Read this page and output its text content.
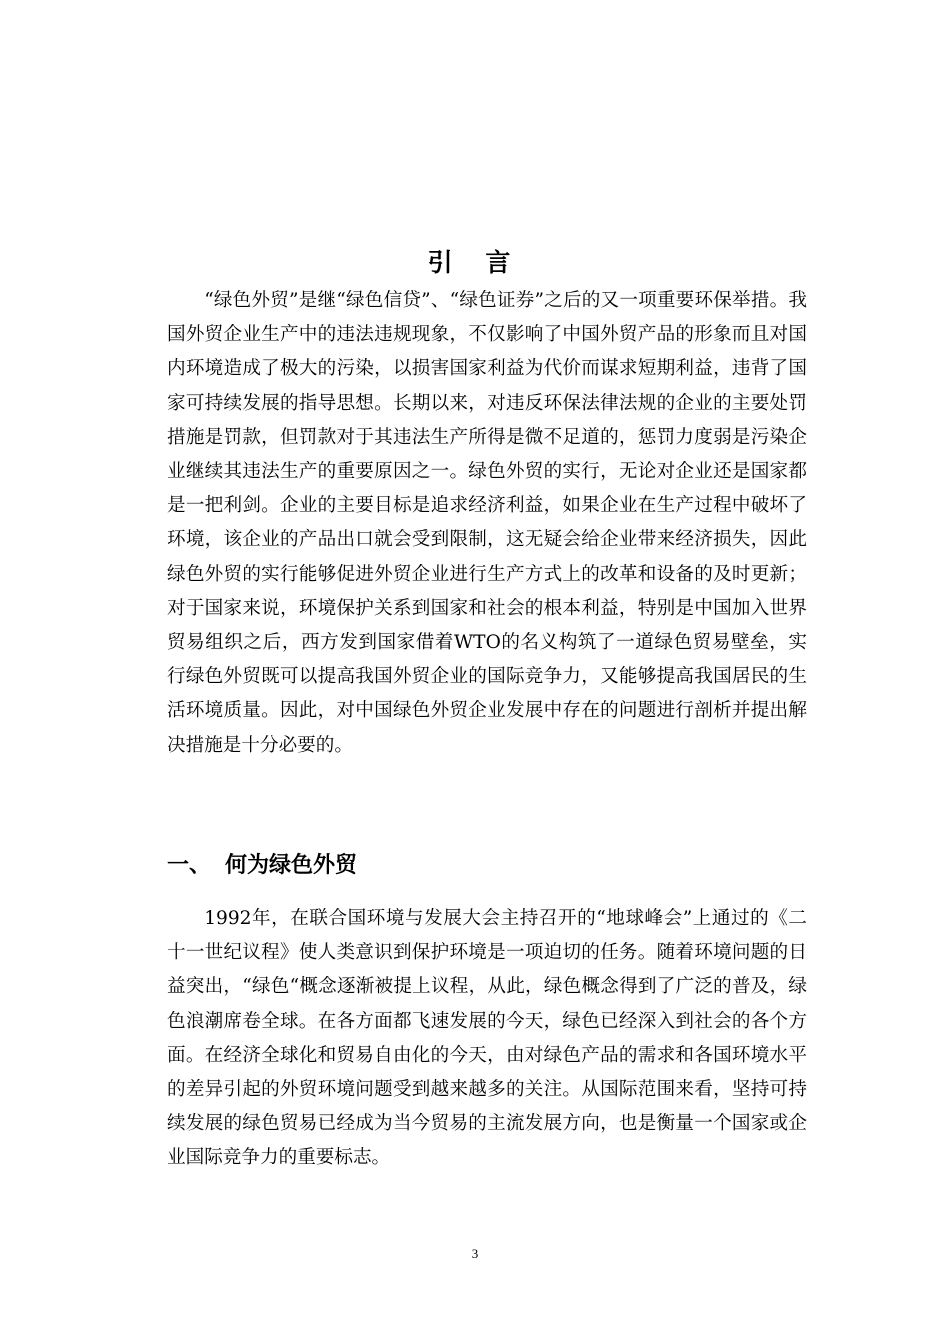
引 言

“绿色外贸”是继“绿色信贷”、“绿色证券”之后的又一项重要环保举措。我国外贸企业生产中的违法违规现象，不仅影响了中国外贸产品的形象而且对国内环境造成了极大的污染，以损害国家利益为代价而谋求短期利益，违背了国家可持续发展的指导思想。长期以来，对违反环保法律法规的企业的主要处罚措施是罚款，但罚款对于其违法生产所得是微不足道的，惩罚力度弱是污染企业继续其违法生产的重要原因之一。绿色外贸的实行，无论对企业还是国家都是一把利剑。企业的主要目标是追求经济利益，如果企业在生产过程中破坏了环境，该企业的产品出口就会受到限制，这无疑会给企业带来经济损失，因此绿色外贸的实行能够促进外贸企业进行生产方式上的改革和设备的及时更新；对于国家来说，环境保护关系到国家和社会的根本利益，特别是中国加入世界贸易组织之后，西方发到国家借着WTO的名义构筑了一道绿色贸易壁垒，实行绿色外贸既可以提高我国外贸企业的国际竞争力，又能够提高我国居民的生活环境质量。因此，对中国绿色外贸企业发展中存在的问题进行剖析并提出解决措施是十分必要的。

一、 何为绿色外贸

1992年，在联合国环境与发展大会主持召开的“地球峰会”上通过的《二十一世纪议程》使人类意识到保护环境是一项迫切的任务。随着环境问题的日益突出，“绿色“概念逐渐被提上议程，从此，绿色概念得到了广泛的普及，绿色浪潮席卷全球。在各方面都飞速发展的今天，绿色已经深入到社会的各个方面。在经济全球化和贸易自由化的今天，由对绿色产品的需求和各国环境水平的差异引起的外贸环境问题受到越来越多的关注。从国际范围来看，坚持可持续发展的绿色贸易已经成为当今贸易的主流发展方向，也是衡量一个国家或企业国际竞争力的重要标志。

3
